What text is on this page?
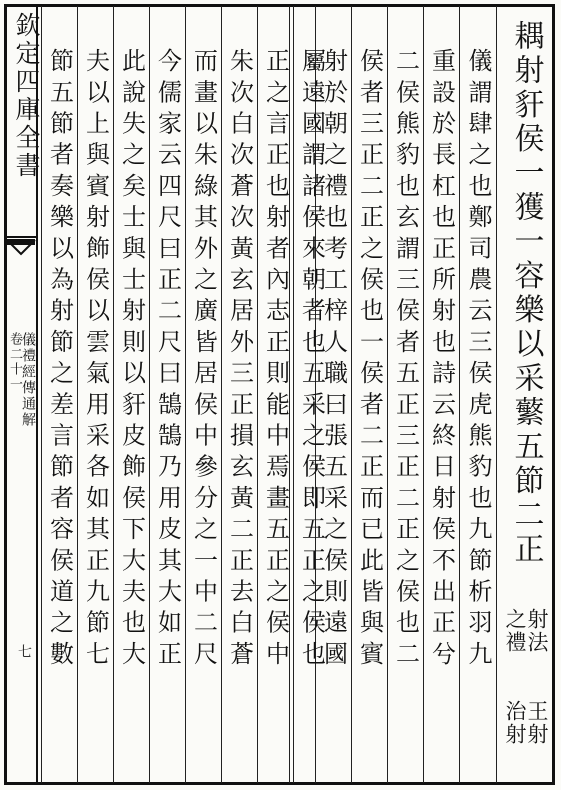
欽定四庫全書
儀禮經傳通解
卷二十一
七
耦射豻侯一獲一容樂以采蘩五節二正
射法
之禮
王射
治射
儀謂肆之也鄭司農云三侯虎熊豹也九節析羽九
重設於長杠也正所射也詩云終日射侯不出正兮
二侯熊豹也玄謂三侯者五正三正二正之侯也二
侯者三正二正之侯也一侯者二正而已此皆與賓
射於朝之禮也考工梓人職曰張五采之侯則遠國
屬遠國謂諸侯來朝者也五采之侯即五正之侯也
正之言正也射者內志正則能中焉畫五正之侯中
朱次白次蒼次黃玄居外三正損玄黃二正去白蒼
而畫以朱綠其外之廣皆居侯中參分之一中二尺
今儒家云四尺曰正二尺曰鵠鵠乃用皮其大如正
此說失之矣士與士射則以豻皮飾侯下大夫也大
夫以上與賓射飾侯以雲氣用采各如其正九節七
節五節者奏樂以為射節之差言節者容侯道之數
